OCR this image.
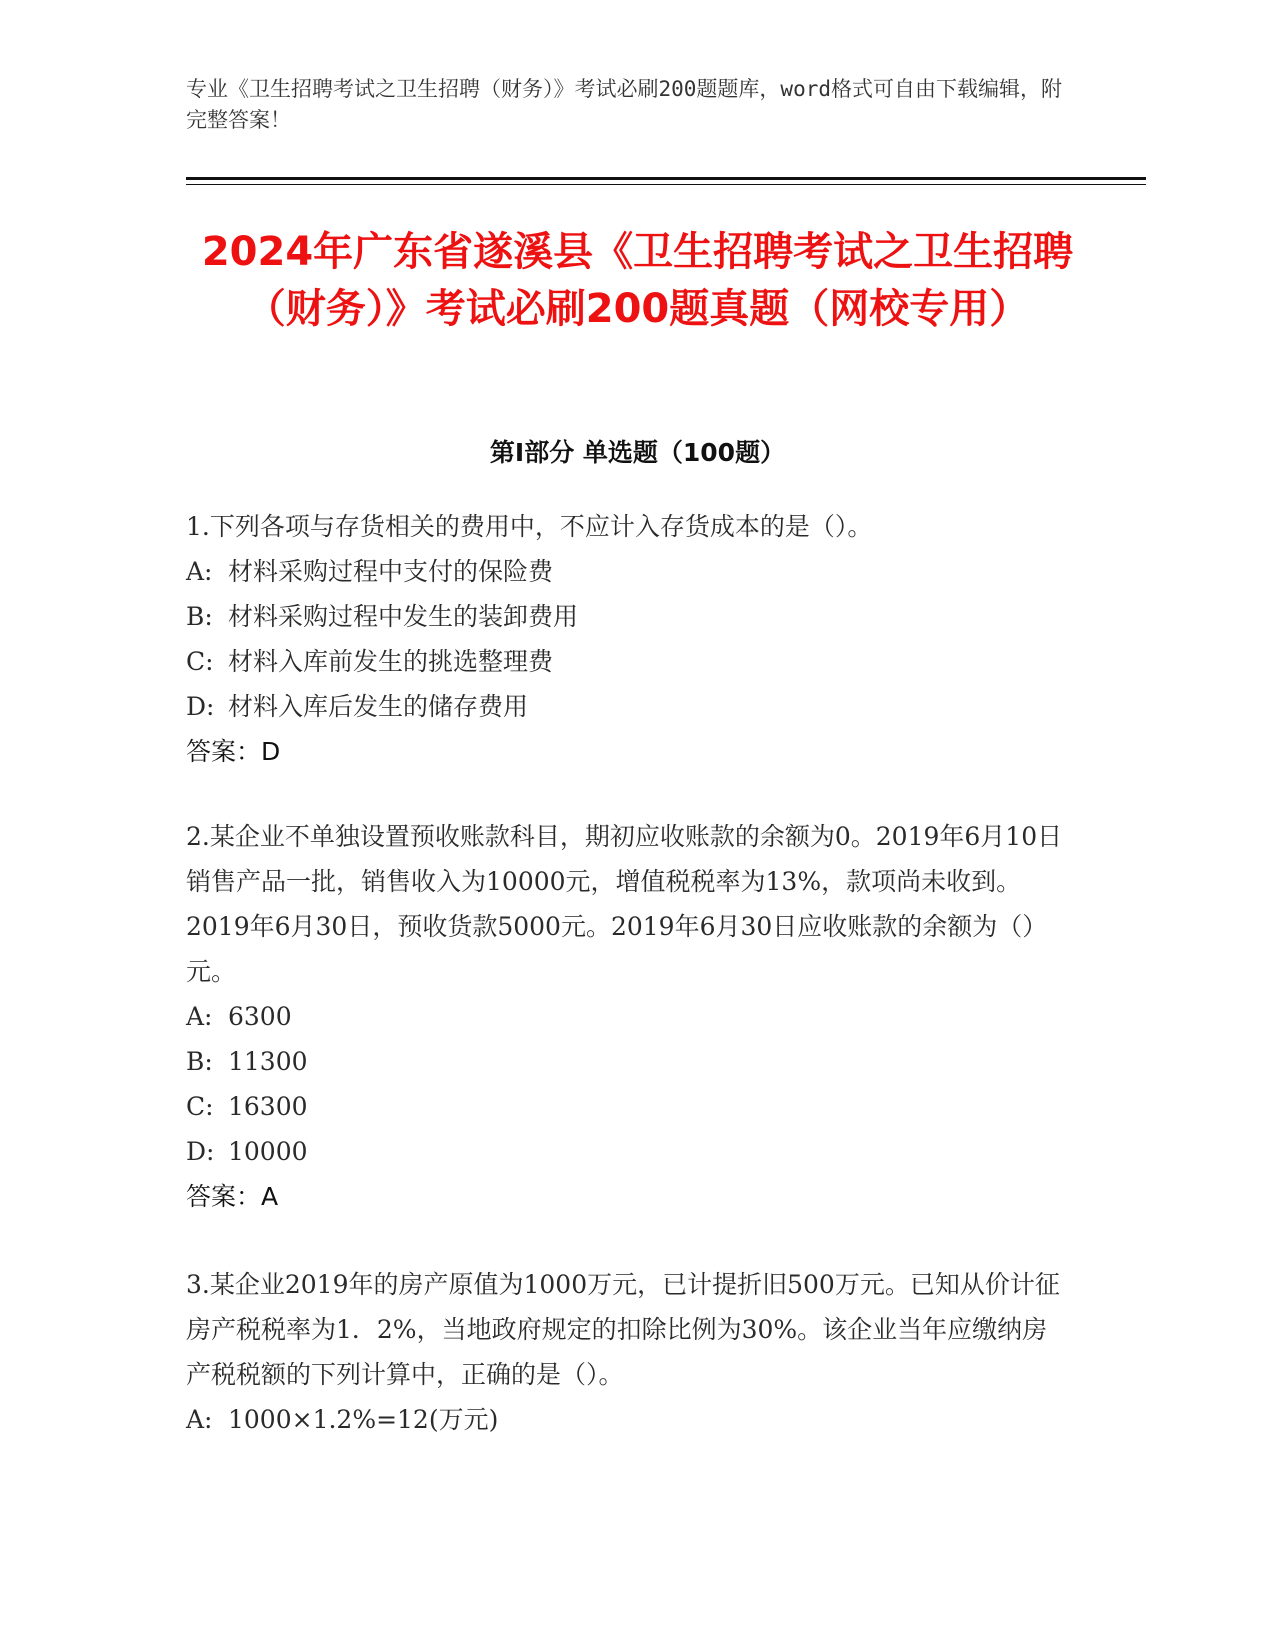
专业《卫生招聘考试之卫生招聘（财务）》考试必刷200题题库，word格式可自由下载编辑，附完整答案！
2024年广东省遂溪县《卫生招聘考试之卫生招聘（财务）》考试必刷200题真题（网校专用）
第I部分 单选题（100题）

1.下列各项与存货相关的费用中，不应计入存货成本的是（）。

A: 材料采购过程中支付的保险费

B: 材料采购过程中发生的装卸费用

C: 材料入库前发生的挑选整理费

D: 材料入库后发生的储存费用

答案：D

2.某企业不单独设置预收账款科目，期初应收账款的余额为0。2019年6月10日销售产品一批，销售收入为10000元，增值税税率为13%，款项尚未收到。2019年6月30日，预收货款5000元。2019年6月30日应收账款的余额为（）元。

A: 6300

B: 11300

C: 16300

D: 10000

答案：A

3.某企业2019年的房产原值为1000万元，已计提折旧500万元。已知从价计征房产税税率为1．2%，当地政府规定的扣除比例为30%。该企业当年应缴纳房产税税额的下列计算中，正确的是（）。

A: 1000×1.2%=12(万元)
